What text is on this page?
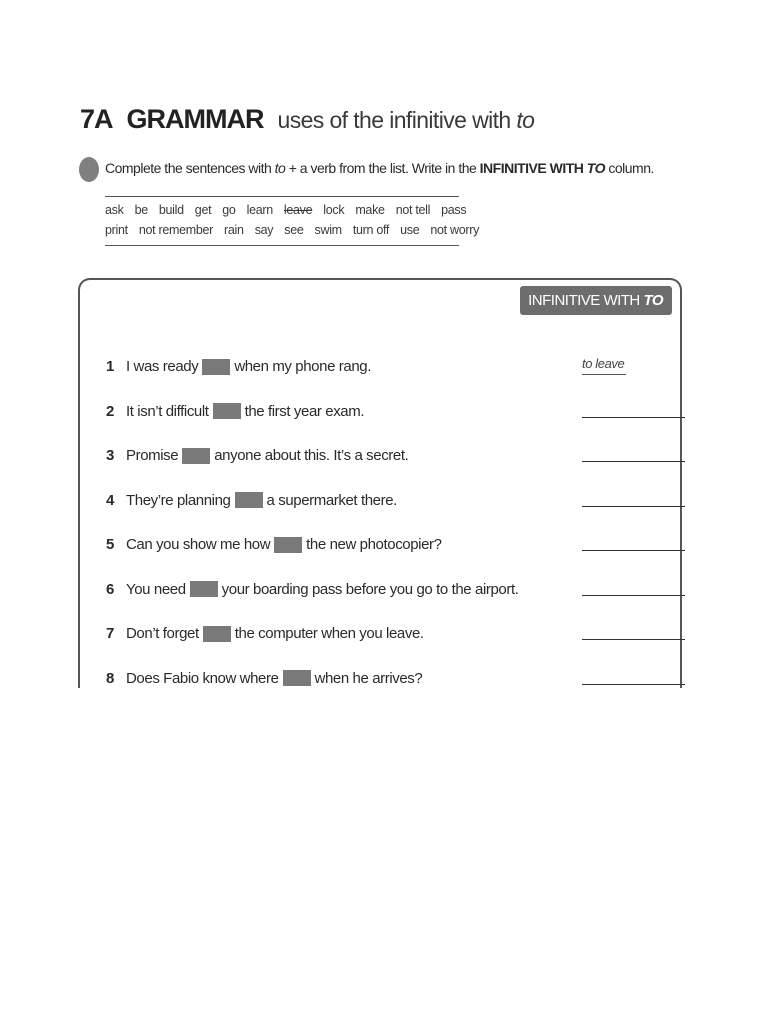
7A GRAMMAR uses of the infinitive with to
Complete the sentences with to + a verb from the list. Write in the INFINITIVE WITH TO column.
ask be build get go learn leave lock make not tell pass
print not remember rain say see swim turn off use not worry
INFINITIVE WITH TO
1 I was ready when my phone rang.	to leave
2 It isn’t difficult the first year exam.
3 Promise anyone about this. It’s a secret.
4 They’re planning a supermarket there.
5 Can you show me how the new photocopier?
6 You need your boarding pass before you go to the airport.
7 Don’t forget the computer when you leave.
8 Does Fabio know where when he arrives?
